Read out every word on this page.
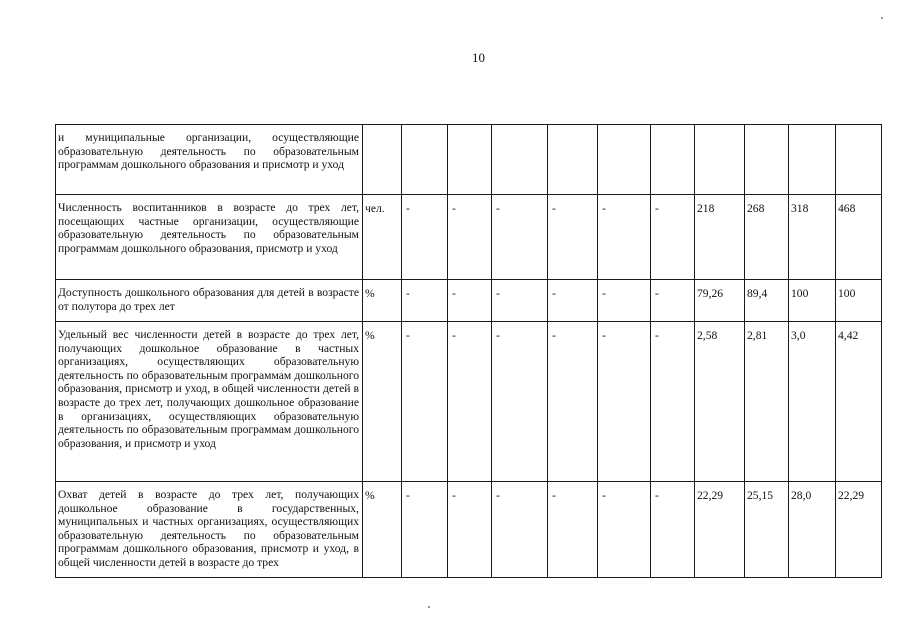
10
и муниципальные организации, осуществляющие образовательную деятельность по образовательным программам дошкольного образования и присмотр и уход											
Численность воспитанников в возрасте до трех лет, посещающих частные организации, осуществляющие образовательную деятельность по образовательным программам дошкольного образования, присмотр и уход	чел.	-	-	-	-	-	-	218	268	318	468
Доступность дошкольного образования для детей в возрасте от полутора до трех лет	%	-	-	-	-	-	-	79,26	89,4	100	100
Удельный вес численности детей в возрасте до трех лет, получающих дошкольное образование в частных организациях, осуществляющих образовательную деятельность по образовательным программам дошкольного образования, присмотр и уход, в общей численности детей в возрасте до трех лет, получающих дошкольное образование в организациях, осуществляющих образовательную деятельность по образовательным программам дошкольного образования, и присмотр и уход	%	-	-	-	-	-	-	2,58	2,81	3,0	4,42
Охват детей в возрасте до трех лет, получающих дошкольное образование в государственных, муниципальных и частных организациях, осуществляющих образовательную деятельность по образовательным программам дошкольного образования, присмотр и уход, в общей численности детей в возрасте до трех	%	-	-	-	-	-	-	22,29	25,15	28,0	22,29
